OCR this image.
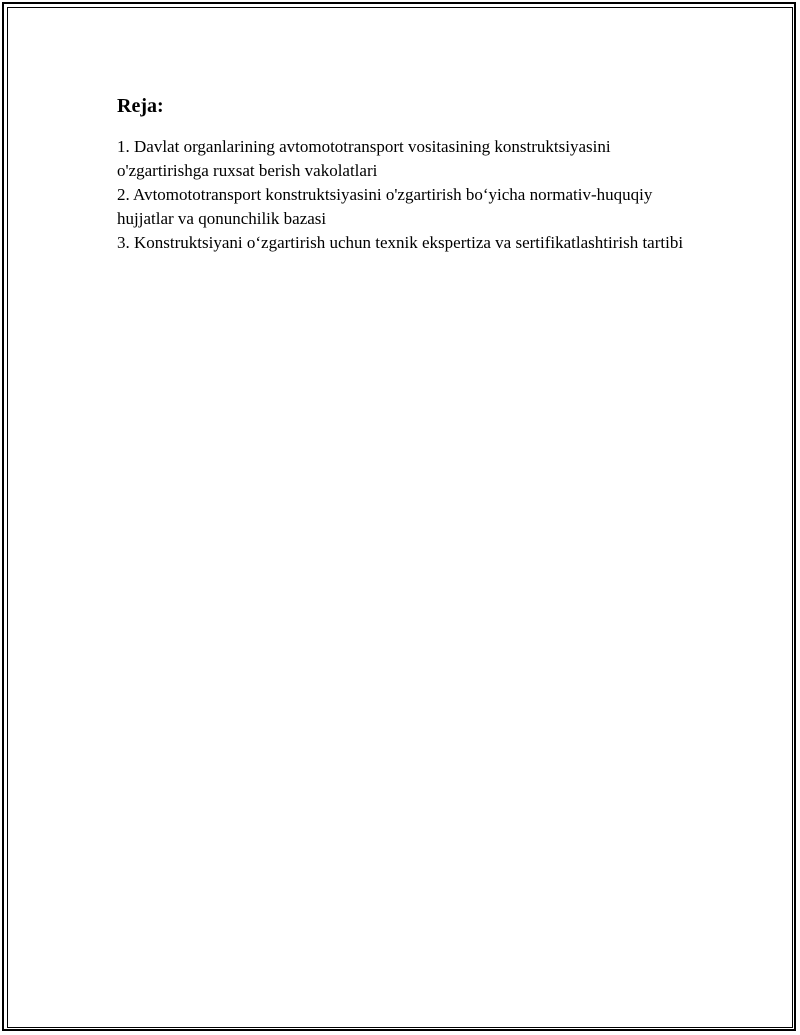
Reja:

1. Davlat organlarining avtomototransport vositasining konstruktsiyasini o'zgartirishga ruxsat berish vakolatlari

2. Avtomototransport konstruktsiyasini o'zgartirish bo‘yicha normativ-huquqiy hujjatlar va qonunchilik bazasi

3. Konstruktsiyani o‘zgartirish uchun texnik ekspertiza va sertifikatlashtirish tartibi
